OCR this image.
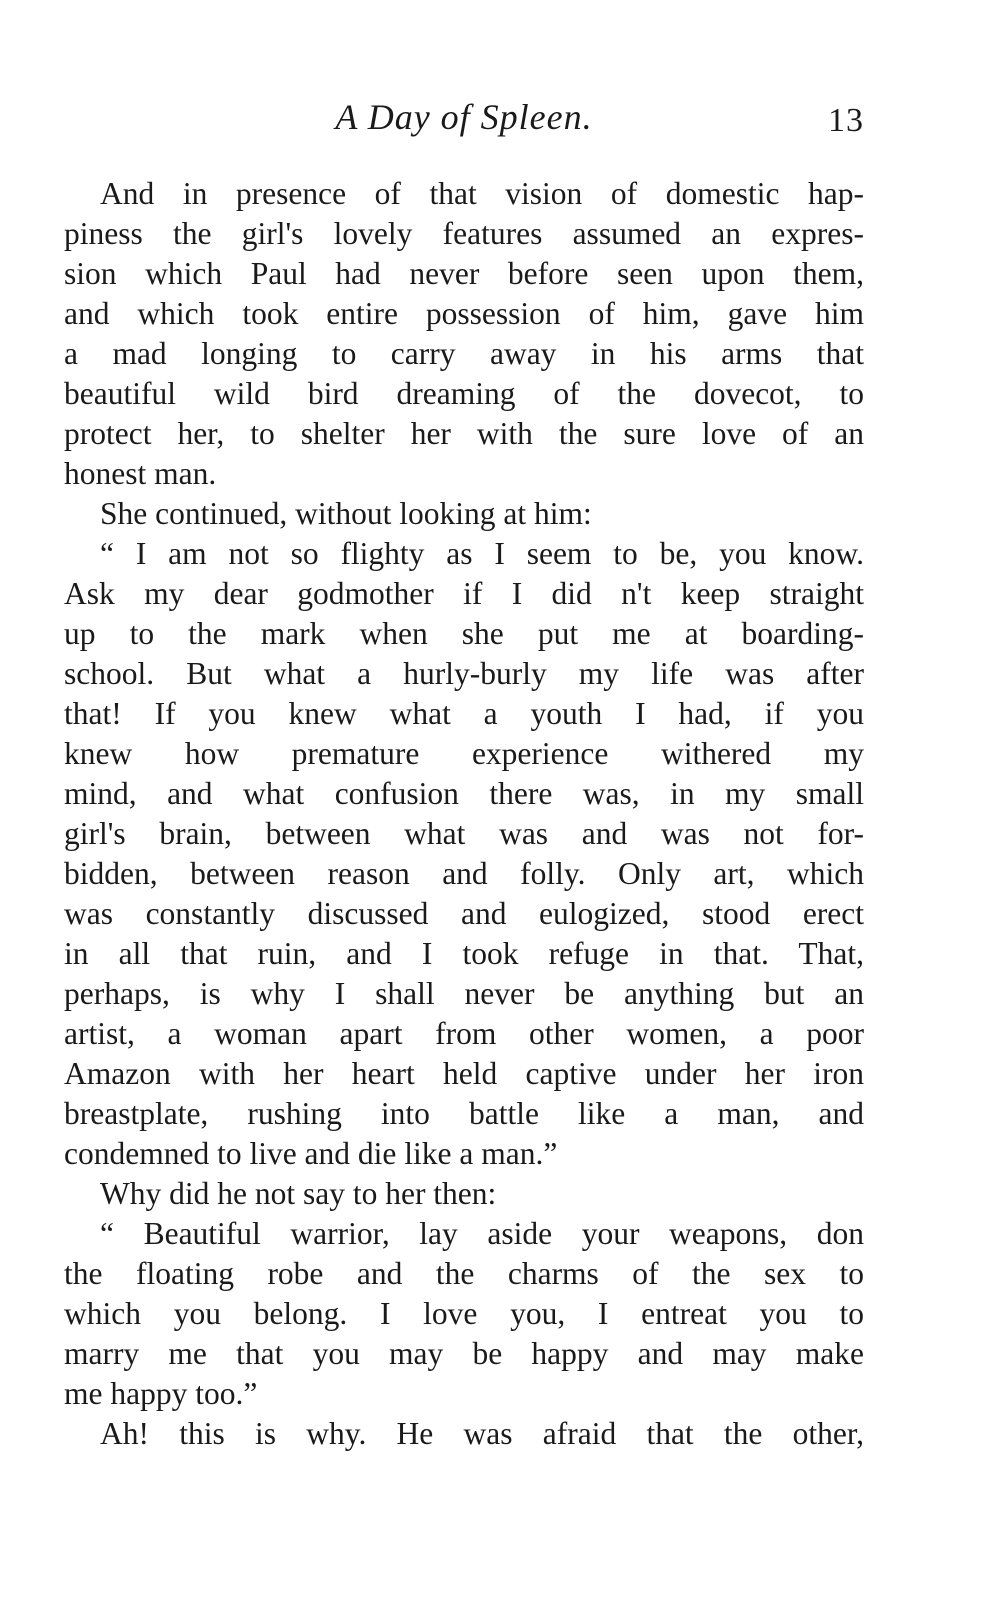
A Day of Spleen.	13
And in presence of that vision of domestic hap-
piness the girl's lovely features assumed an expres-
sion which Paul had never before seen upon them,
and which took entire possession of him, gave him
a mad longing to carry away in his arms that
beautiful wild bird dreaming of the dovecot, to
protect her, to shelter her with the sure love of an
honest man.
She continued, without looking at him:
“ I am not so flighty as I seem to be, you know.
Ask my dear godmother if I did n't keep straight
up to the mark when she put me at boarding-
school. But what a hurly-burly my life was after
that! If you knew what a youth I had, if you
knew how premature experience withered my
mind, and what confusion there was, in my small
girl's brain, between what was and was not for-
bidden, between reason and folly. Only art, which
was constantly discussed and eulogized, stood erect
in all that ruin, and I took refuge in that. That,
perhaps, is why I shall never be anything but an
artist, a woman apart from other women, a poor
Amazon with her heart held captive under her iron
breastplate, rushing into battle like a man, and
condemned to live and die like a man.”
Why did he not say to her then:
“ Beautiful warrior, lay aside your weapons, don
the floating robe and the charms of the sex to
which you belong. I love you, I entreat you to
marry me that you may be happy and may make
me happy too.”
Ah! this is why. He was afraid that the other,
